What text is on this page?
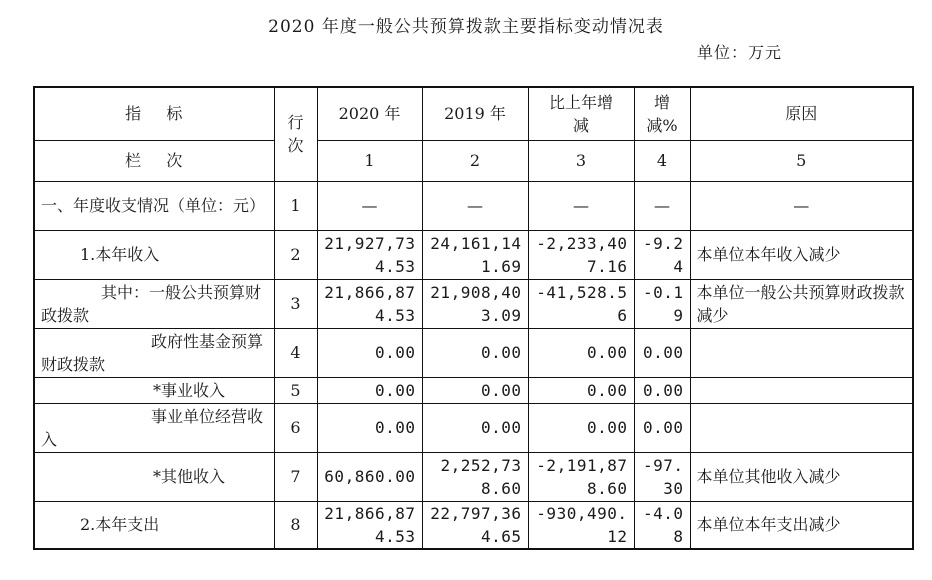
2020 年度一般公共预算拨款主要指标变动情况表
单位：万元
指    标	行次	2020 年	2019 年	比上年增减	增减%	原因
栏    次		1	2	3	4	5
一、年度收支情况（单位：元）	1	—	—	—	—	—
1.本年收入	2	21,927,734.53	24,161,141.69	-2,233,407.16	-9.24	本单位本年收入减少
其中：一般公共预算财政拨款	3	21,866,874.53	21,908,403.09	-41,528.56	-0.19	本单位一般公共预算财政拨款减少
政府性基金预算财政拨款	4	0.00	0.00	0.00	0.00	
*事业收入	5	0.00	0.00	0.00	0.00	
事业单位经营收入	6	0.00	0.00	0.00	0.00	
*其他收入	7	60,860.00	2,252,738.60	-2,191,878.60	-97.30	本单位其他收入减少
2.本年支出	8	21,866,874.53	22,797,364.65	-930,490.12	-4.08	本单位本年支出减少
